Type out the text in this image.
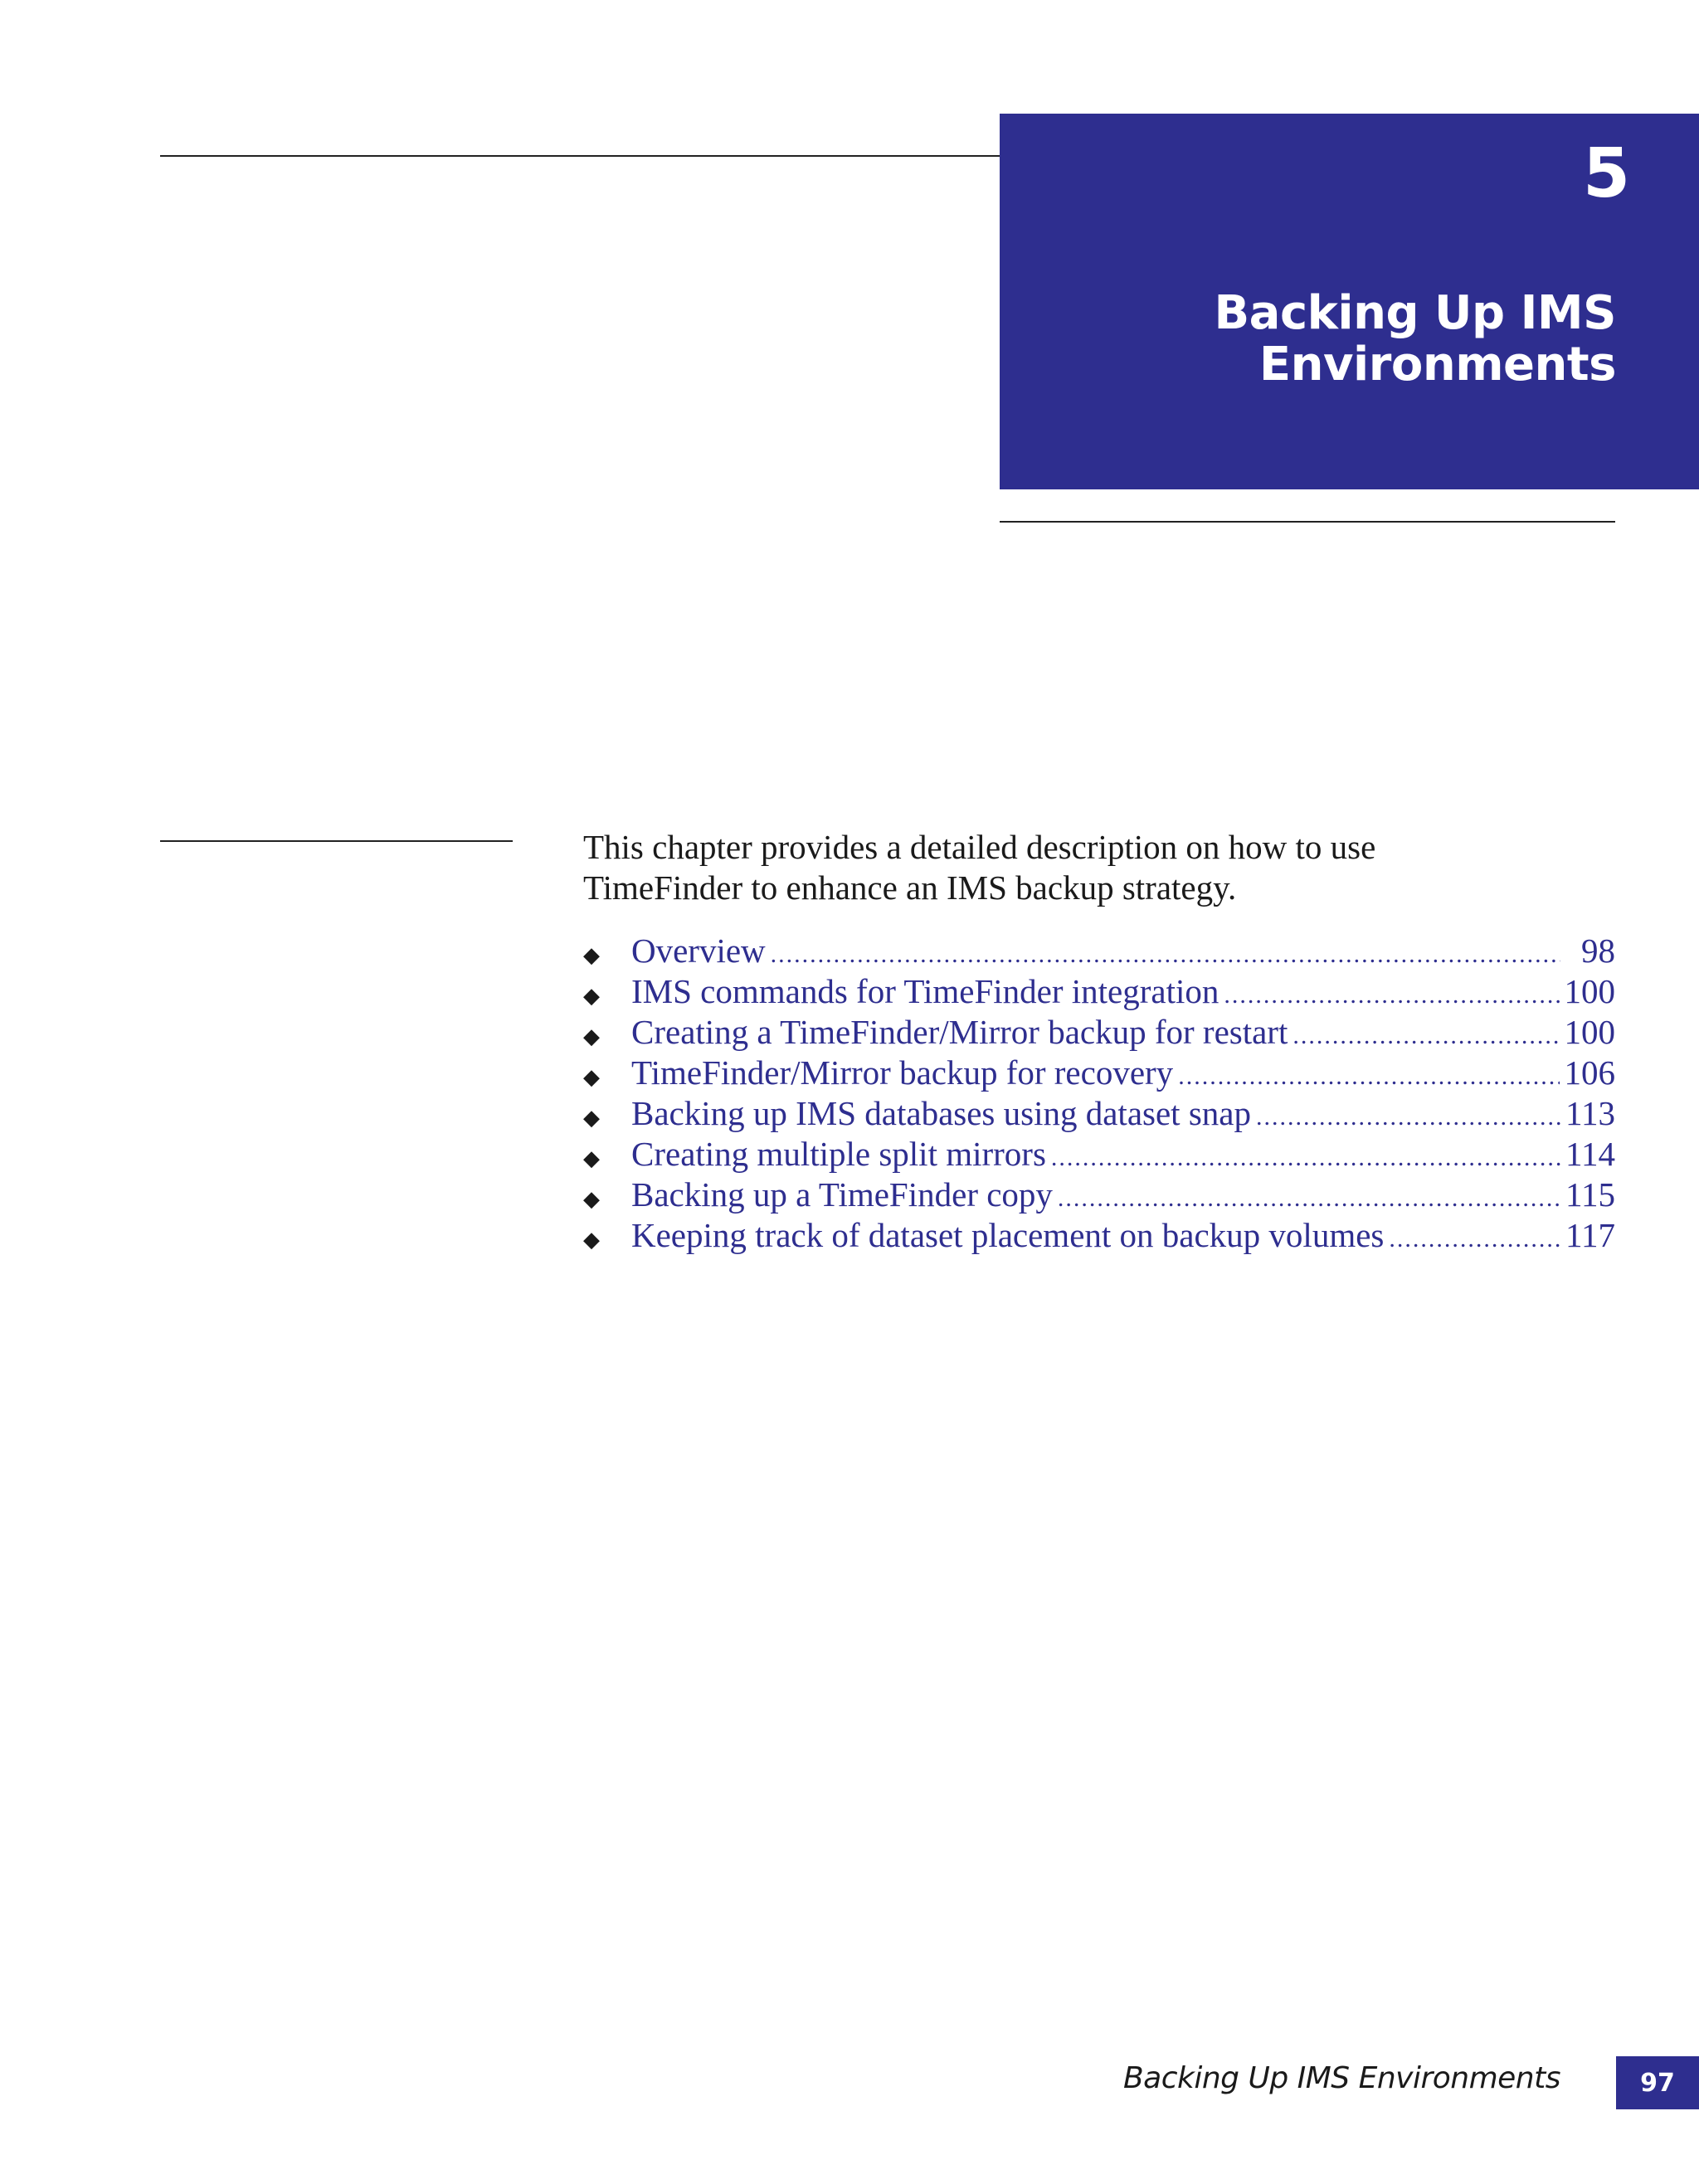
5
Backing Up IMS
Environments
This chapter provides a detailed description on how to use
TimeFinder to enhance an IMS backup strategy.
◆ Overview .....	98
◆ IMS commands for TimeFinder integration .....	100
◆ Creating a TimeFinder/Mirror backup for restart .....	100
◆ TimeFinder/Mirror backup for recovery .....	106
◆ Backing up IMS databases using dataset snap .....	113
◆ Creating multiple split mirrors .....	114
◆ Backing up a TimeFinder copy .....	115
◆ Keeping track of dataset placement on backup volumes .....	117
Backing Up IMS Environments	97
